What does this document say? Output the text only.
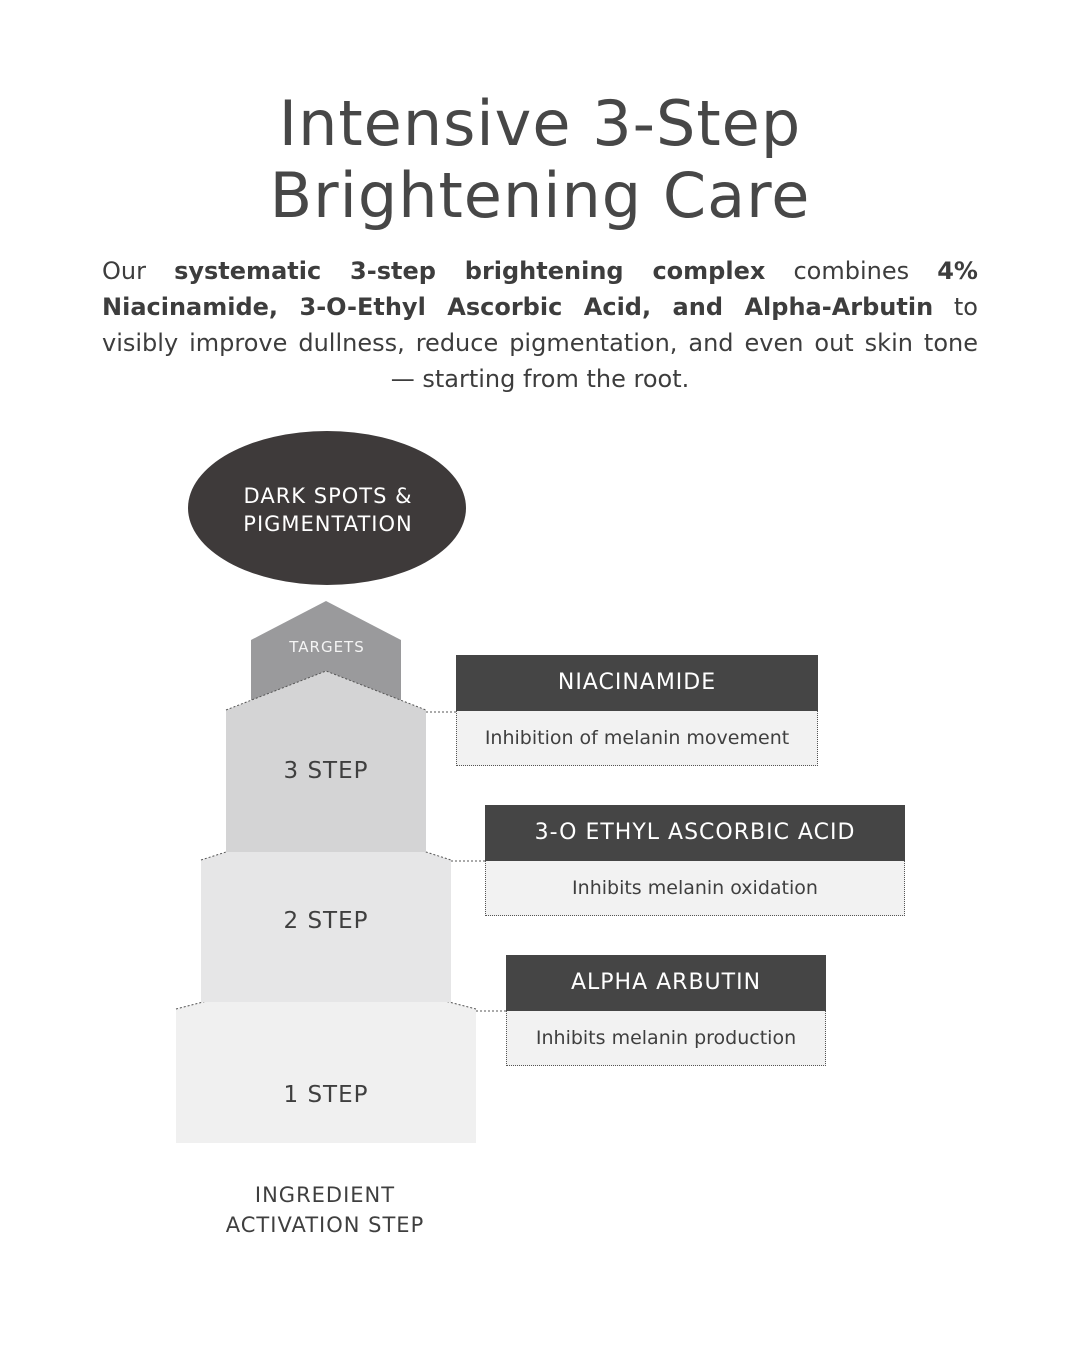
Intensive 3-Step
Brightening Care
Our systematic 3-step brightening complex combines 4% Niacinamide, 3-O-Ethyl Ascorbic Acid, and Alpha-Arbutin to visibly improve dullness, reduce pigmentation, and even out skin tone — starting from the root.
DARK SPOTS &
PIGMENTATION
TARGETS
3 STEP
2 STEP
1 STEP
INGREDIENT
ACTIVATION STEP
NIACINAMIDE
Inhibition of melanin movement
3-O ETHYL ASCORBIC ACID
Inhibits melanin oxidation
ALPHA ARBUTIN
Inhibits melanin production
